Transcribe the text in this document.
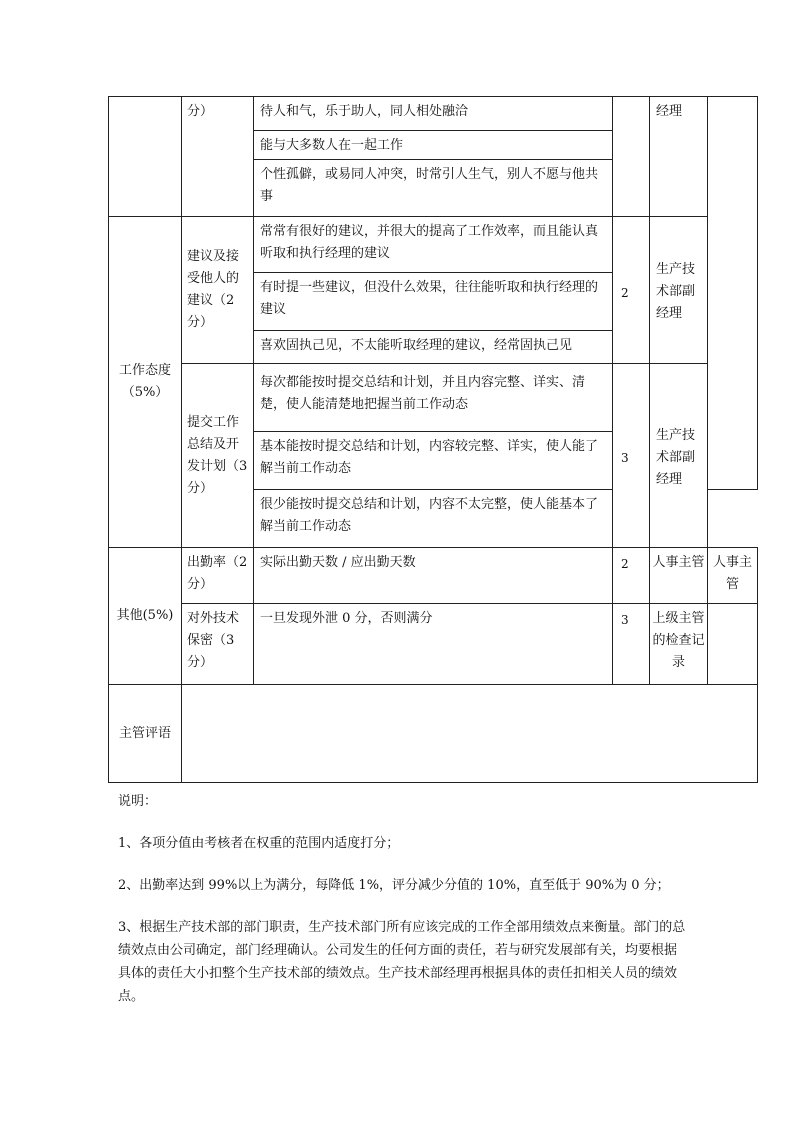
	分）	待人和气，乐于助人，同人相处融洽		经理	
		能与大多数人在一起工作			
		个性孤僻，或易同人冲突，时常引人生气，别人不愿与他共事			
工作态度（5%）	建议及接受他人的建议（2分）	常常有很好的建议，并很大的提高了工作效率，而且能认真听取和执行经理的建议	2	生产技术部副经理	
		有时提一些建议，但没什么效果，往往能听取和执行经理的建议			
		喜欢固执己见，不太能听取经理的建议，经常固执己见			
	提交工作总结及开发计划（3分）	每次都能按时提交总结和计划，并且内容完整、详实、清楚，使人能清楚地把握当前工作动态	3	生产技术部副经理	
		基本能按时提交总结和计划，内容较完整、详实，使人能了解当前工作动态			
		很少能按时提交总结和计划，内容不太完整，使人能基本了解当前工作动态			
其他(5%)	出勤率（2分）	实际出勤天数 / 应出勤天数	2	人事主管	人事主管
	对外技术保密（3分）	一旦发现外泄 0 分，否则满分	3	上级主管的检查记录	
主管评语					

说明：

1、各项分值由考核者在权重的范围内适度打分；

2、出勤率达到 99%以上为满分，每降低 1%，评分减少分值的 10%，直至低于 90%为 0 分；

3、根据生产技术部的部门职责，生产技术部门所有应该完成的工作全部用绩效点来衡量。部门的总绩效点由公司确定，部门经理确认。公司发生的任何方面的责任，若与研究发展部有关，均要根据具体的责任大小扣整个生产技术部的绩效点。生产技术部经理再根据具体的责任扣相关人员的绩效点。
